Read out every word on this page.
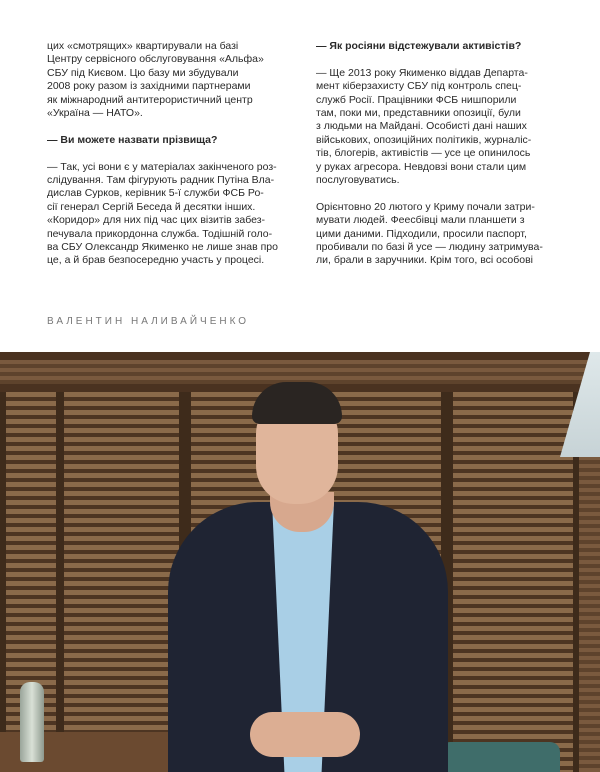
цих «смотрящих» квартирували на базі
Центру сервісного обслуговування «Альфа»
СБУ під Києвом. Цю базу ми збудували
2008 року разом із західними партнерами
як міжнародний антитерористичний центр
«Україна — НАТО».
— Ви можете назвати прізвища?
— Так, усі вони є у матеріалах закінченого роз-
слідування. Там фігурують радник Путіна Вла-
дислав Сурков, керівник 5-ї служби ФСБ Ро-
сії генерал Сергій Беседа й десятки інших.
«Коридор» для них під час цих візитів забез-
печувала прикордонна служба. Тодішній голо-
ва СБУ Олександр Якименко не лише знав про
це, а й брав безпосередню участь у процесі.
— Як росіяни відстежували активістів?
— Ще 2013 року Якименко віддав Департа-
мент кіберзахисту СБУ під контроль спец-
служб Росії. Працівники ФСБ нишпорили
там, поки ми, представники опозиції, були
з людьми на Майдані. Особисті дані наших
військових, опозиційних політиків, журналіс-
тів, блогерів, активістів — усе це опинилось
у руках агресора. Невдовзі вони стали цим
послуговуватись.
Орієнтовно 20 лютого у Криму почали затри-
мувати людей. Феесбівці мали планшети з
цими даними. Підходили, просили паспорт,
пробивали по базі й усе — людину затримува-
ли, брали в заручники. Крім того, всі особові
ВАЛЕНТИН НАЛИВАЙЧЕНКО
